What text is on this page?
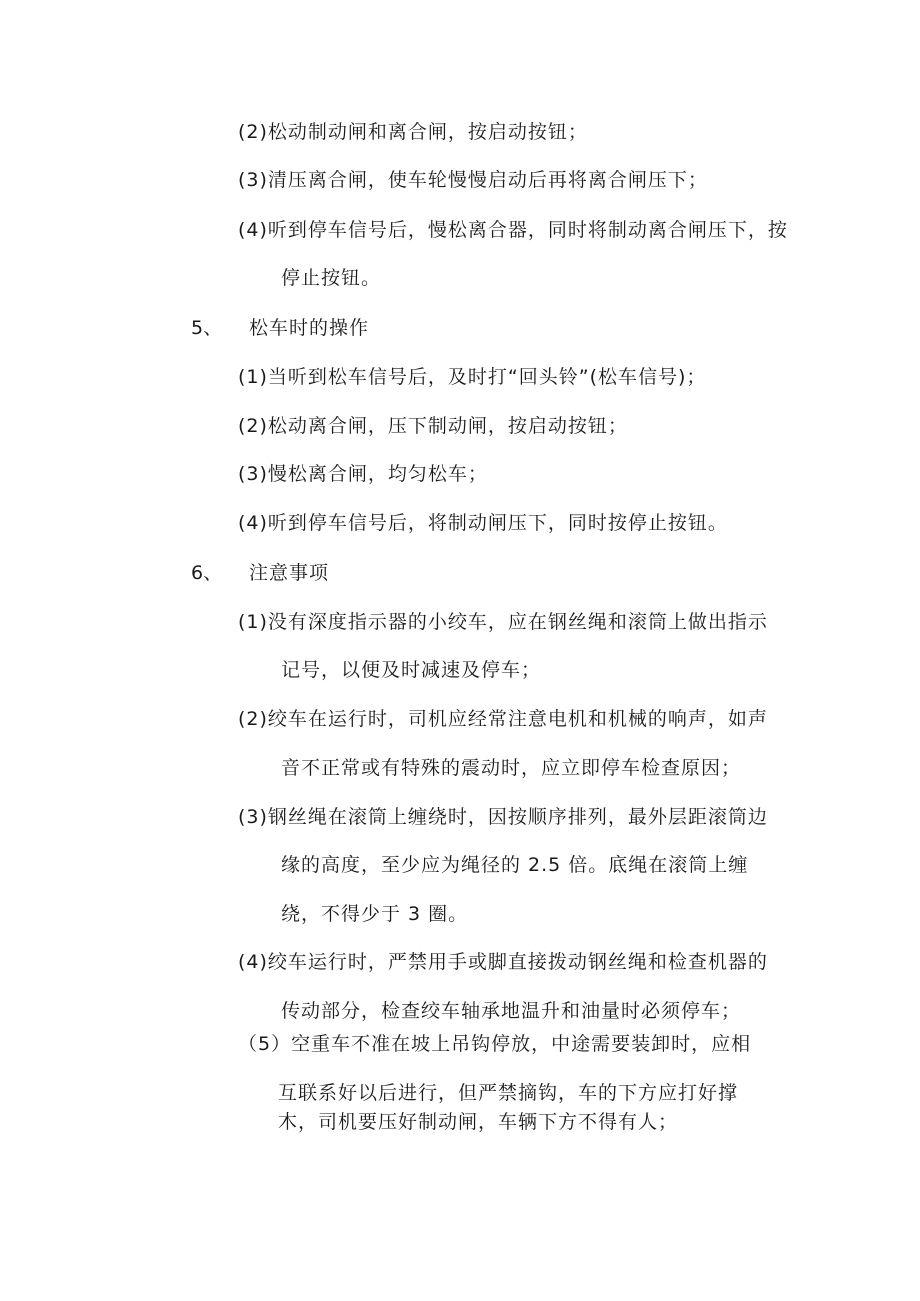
(2)松动制动闸和离合闸，按启动按钮；
(3)清压离合闸，使车轮慢慢启动后再将离合闸压下；
(4)听到停车信号后，慢松离合器，同时将制动离合闸压下，按
停止按钮。
5、 松车时的操作
(1)当听到松车信号后，及时打“回头铃”(松车信号)；
(2)松动离合闸，压下制动闸，按启动按钮；
(3)慢松离合闸，均匀松车；
(4)听到停车信号后，将制动闸压下，同时按停止按钮。
6、 注意事项
(1)没有深度指示器的小绞车，应在钢丝绳和滚筒上做出指示
记号，以便及时减速及停车；
(2)绞车在运行时，司机应经常注意电机和机械的响声，如声
音不正常或有特殊的震动时，应立即停车检查原因；
(3)钢丝绳在滚筒上缠绕时，因按顺序排列，最外层距滚筒边
缘的高度，至少应为绳径的 2.5 倍。底绳在滚筒上缠
绕，不得少于 3 圈。
(4)绞车运行时，严禁用手或脚直接拨动钢丝绳和检查机器的
传动部分，检查绞车轴承地温升和油量时必须停车；
（5）空重车不准在坡上吊钩停放，中途需要装卸时，应相
互联系好以后进行，但严禁摘钩，车的下方应打好撑
木，司机要压好制动闸，车辆下方不得有人；
